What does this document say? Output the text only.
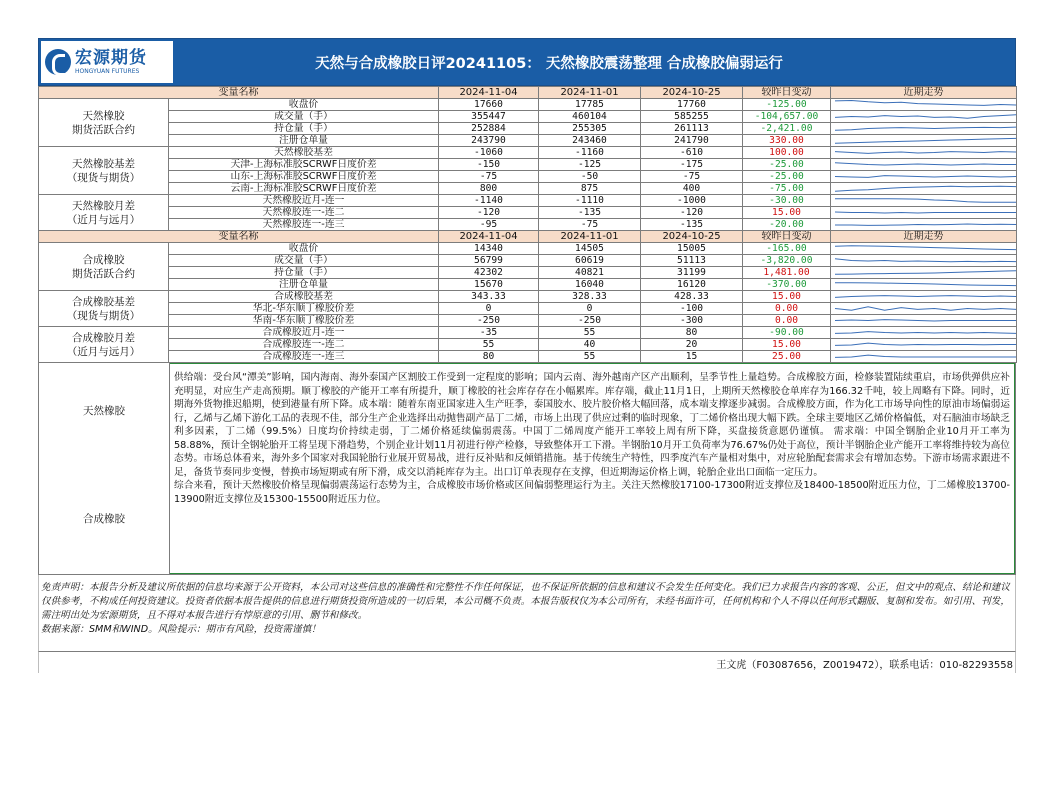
宏源期货
HONGYUAN FUTURES	天然与合成橡胶日评20241105： 天然橡胶震荡整理 合成橡胶偏弱运行
变量名称		2024-11-04	2024-11-01	2024-10-25	较昨日变动	近期走势
天然橡胶
期货活跃合约	收盘价	17660	17785	17760	-125.00	

	成交量（手）	355447	460104	585255	-104,657.00	

	持仓量（手）	252884	255305	261113	-2,421.00	

	注册仓单量	243790	243460	241790	330.00	

天然橡胶基差
（现货与期货）	天然橡胶基差	-1060	-1160	-610	100.00	

	天津-上海标准胶SCRWF日度价差	-150	-125	-175	-25.00	

	山东-上海标准胶SCRWF日度价差	-75	-50	-75	-25.00	

	云南-上海标准胶SCRWF日度价差	800	875	400	-75.00	

天然橡胶月差
（近月与远月）	天然橡胶近月-连一	-1140	-1110	-1000	-30.00	

	天然橡胶连一-连二	-120	-135	-120	15.00	

	天然橡胶连一-连三	-95	-75	-135	-20.00	

变量名称		2024-11-04	2024-11-01	2024-10-25	较昨日变动	近期走势
合成橡胶
期货活跃合约	收盘价	14340	14505	15005	-165.00	

	成交量（手）	56799	60619	51113	-3,820.00	

	持仓量（手）	42302	40821	31199	1,481.00	

	注册仓单量	15670	16040	16120	-370.00	

合成橡胶基差
（现货与期货）	合成橡胶基差	343.33	328.33	428.33	15.00	

	华北-华东顺丁橡胶价差	0	0	-100	0.00	

	华南-华东顺丁橡胶价差	-250	-250	-300	0.00	

合成橡胶月差
（近月与远月）	合成橡胶近月-连一	-35	55	80	-90.00	

	合成橡胶连一-连二	55	40	20	15.00	

	合成橡胶连一-连三	80	55	15	25.00	
天然橡胶
合成橡胶

供给端：受台风“潭美”影响，国内海南、海外泰国产区割胶工作受到一定程度的影响；国内云南、海外越南产区产出顺利，呈季节性上量趋势。合成橡胶方面，检修装置陆续重启，市场供弹供应补充明显，对应生产走高预期。顺丁橡胶的产能开工率有所提升，顺丁橡胶的社会库存存在小幅累库。库存端，截止11月1日，上期所天然橡胶仓单库存为166.32千吨，较上周略有下降。同时，近期海外货物推迟船期，使到港量有所下降。成本端：随着东南亚国家进入生产旺季，泰国胶水、胶片胶价格大幅回落，成本端支撑逐步减弱。合成橡胶方面，作为化工市场导向性的原油市场偏弱运行，乙烯与乙烯下游化工品的表现不佳，部分生产企业选择出动抛售副产品丁二烯，市场上出现了供应过剩的临时现象，丁二烯价格出现大幅下跌。全球主要地区乙烯价格偏低，对石脑油市场缺乏利多因素，丁二烯（99.5%）日度均价持续走弱，丁二烯价格延续偏弱震荡。中国丁二烯周度产能开工率较上周有所下降，买盘接货意愿仍谨慎。 需求端：中国全钢胎企业10月开工率为58.88%，预计全钢轮胎开工将呈现下滑趋势，个别企业计划11月初进行停产检修，导致整体开工下滑。半钢胎10月开工负荷率为76.67%仍处于高位，预计半钢胎企业产能开工率将维持较为高位态势。市场总体看来，海外多个国家对我国轮胎行业展开贸易战，进行反补贴和反倾销措施。基于传统生产特性，四季度汽车产量相对集中，对应轮胎配套需求会有增加态势。下游市场需求跟进不足，备货节奏同步变慢，替换市场短期或有所下滑，成交以消耗库存为主。出口订单表现存在支撑，但近期海运价格上调，轮胎企业出口面临一定压力。

综合来看，预计天然橡胶价格呈现偏弱震荡运行态势为主，合成橡胶市场价格或区间偏弱整理运行为主。关注天然橡胶17100-17300附近支撑位及18400-18500附近压力位，丁二烯橡胶13700-13900附近支撑位及15300-15500附近压力位。

免责声明：本报告分析及建议所依据的信息均来源于公开资料，本公司对这些信息的准确性和完整性不作任何保证，也不保证所依据的信息和建议不会发生任何变化。我们已力求报告内容的客观、公正，但文中的观点、结论和建议仅供参考，不构成任何投资建议。投资者依据本报告提供的信息进行期货投资所造成的一切后果，本公司概不负责。本报告版权仅为本公司所有，未经书面许可，任何机构和个人不得以任何形式翻版、复制和发布。如引用、刊发，需注明出处为宏源期货，且不得对本报告进行有悖原意的引用、删节和修改。
数据来源：SMM和WIND。风险提示：期市有风险，投资需谨慎！
王文虎（F03087656，Z0019472），联系电话：010-82293558
